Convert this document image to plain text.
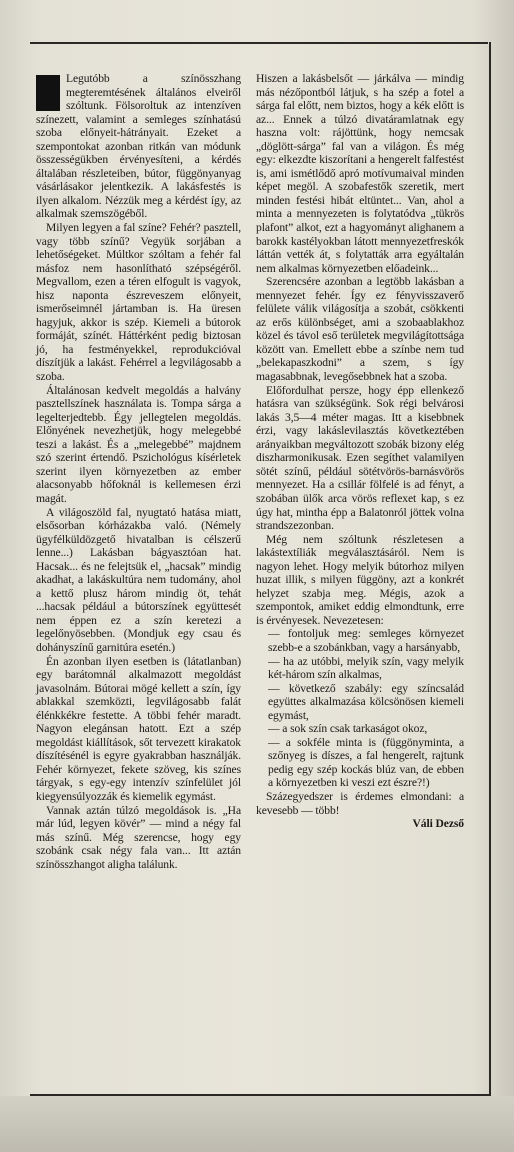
Legutóbb a színösszhang megteremtésének általános elveiről szóltunk. Fölsoroltuk az intenzíven színezett, valamint a semleges színhatású szoba előnyeit-hátrányait. Ezeket a szempontokat azonban ritkán van módunk összességükben érvényesíteni, a kérdés általában részleteiben, bútor, függönyanyag vásárlásakor jelentkezik. A lakásfestés is ilyen alkalom. Nézzük meg a kérdést így, az alkalmak szemszögéből.

Milyen legyen a fal színe? Fehér? pasztell, vagy több színű? Vegyük sorjában a lehetőségeket. Múltkor szóltam a fehér fal másfoz nem hasonlítható szépségéről. Megvallom, ezen a téren elfogult is vagyok, hisz naponta észreveszem előnyeit, ismerőseimnél jártamban is. Ha üresen hagyjuk, akkor is szép. Kiemeli a bútorok formáját, színét. Háttérként pedig biztosan jó, ha festményekkel, reprodukcióval díszítjük a lakást. Fehérrel a legvilágosabb a szoba.

Általánosan kedvelt megoldás a halvány pasztellszínek használata is. Tompa sárga a legelterjedtebb. Égy jellegtelen megoldás. Előnyének nevezhetjük, hogy melegebbé teszi a lakást. És a „melegebbé” majdnem szó szerint értendő. Pszichológus kísérletek szerint ilyen környezetben az ember alacsonyabb hőfoknál is kellemesen érzi magát.

A világoszöld fal, nyugtató hatása miatt, elsősorban kórházakba való. (Némely ügyfélküldözgető hivatalban is célszerű lenne...) Lakásban bágyasztóan hat. Hacsak... és ne felejtsük el, „hacsak” mindig akadhat, a lakáskultúra nem tudomány, ahol a kettő plusz három mindig öt, tehát ...hacsak például a bútorszínek együttesét nem éppen ez a szín keretezi a legelőnyösebben. (Mondjuk egy csau és dohányszínű garnitúra esetén.)

Én azonban ilyen esetben is (látatlanban) egy barátomnál alkalmazott megoldást javasolnám. Bútorai mögé kellett a szín, így ablakkal szemközti, legvilágosabb falát élénkkékre festette. A többi fehér maradt. Nagyon elegánsan hatott. Ezt a szép megoldást kiállítások, sőt tervezett kirakatok díszítésénél is egyre gyakrabban használják. Fehér környezet, fekete szöveg, kis színes tárgyak, s egy-egy intenzív színfelület jól kiegyensúlyozzák és kiemelik egymást.

Vannak aztán túlzó megoldások is. „Ha már lúd, legyen kövér” — mind a négy fal más színű. Még szerencse, hogy egy szobánk csak négy fala van... Itt aztán színösszhangot aligha találunk.

Hiszen a lakásbelsőt — járkálva — mindig más nézőpontból látjuk, s ha szép a fotel a sárga fal előtt, nem biztos, hogy a kék előtt is az... Ennek a túlzó divatáramlatnak egy haszna volt: rájöttünk, hogy nemcsak „döglött-sárga” fal van a világon. És még egy: elkezdte kiszorítani a hengerelt falfestést is, ami ismétlődő apró motívumaival minden képet megöl. A szobafestők szeretik, mert minden festési hibát eltüntet... Van, ahol a minta a mennyezeten is folytatódva „tükrös plafont” alkot, ezt a hagyományt alighanem a barokk kastélyokban látott mennyezetfreskók láttán vették át, s folytatták arra egyáltalán nem alkalmas környezetben előadeink...

Szerencsére azonban a legtöbb lakásban a mennyezet fehér. Így ez fényvisszaverő felülete válik világosítja a szobát, csökkenti az erős különbséget, ami a szobaablakhoz közel és távol eső területek megvilágítottsága között van. Emellett ebbe a színbe nem tud „belekapaszkodni” a szem, s így magasabbnak, levegősebbnek hat a szoba.

Előfordulhat persze, hogy épp ellenkező hatásra van szükségünk. Sok régi belvárosi lakás 3,5—4 méter magas. Itt a kisebbnek érzi, vagy lakáslevilasztás következtében arányaikban megváltozott szobák bizony elég diszharmonikusak. Ezen segíthet valamilyen sötét színű, például sötétvörös-barnásvörös mennyezet. Ha a csillár fölfelé is ad fényt, a szobában ülők arca vörös reflexet kap, s ez úgy hat, mintha épp a Balatonról jöttek volna strandszezonban.

Még nem szóltunk részletesen a lakástextíliák megválasztásáról. Nem is nagyon lehet. Hogy melyik bútorhoz milyen huzat illik, s milyen függöny, azt a konkrét helyzet szabja meg. Mégis, azok a szempontok, amiket eddig elmondtunk, erre is érvényesek. Nevezetesen:

— fontoljuk meg: semleges környezet szebb-e a szobánkban, vagy a harsányabb,

— ha az utóbbi, melyik szín, vagy melyik két-három szín alkalmas,

— következő szabály: egy színcsalád együttes alkalmazása kölcsönösen kiemeli egymást,

— a sok szín csak tarkaságot okoz,

— a sokféle minta is (függönyminta, a szőnyeg is díszes, a fal hengerelt, rajtunk pedig egy szép kockás blúz van, de ebben a környezetben ki veszi ezt észre?!)

Százegyedszer is érdemes elmondani: a kevesebb — több!

Váli Dezső
